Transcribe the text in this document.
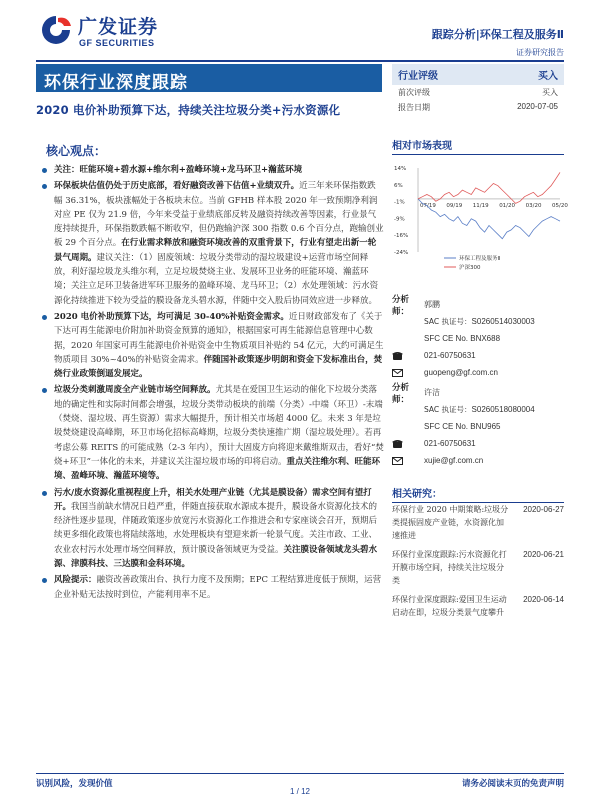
广发证券
GF SECURITIES
跟踪分析|环保工程及服务Ⅱ
证券研究报告
环保行业深度跟踪
2020 电价补助预算下达，持续关注垃圾分类+污水资源化
核心观点：
关注：旺能环境+碧水源+维尔利+盈峰环境+龙马环卫+瀚蓝环境
环保板块估值仍处于历史底部，看好融资改善下估值+业绩双升。近三年来环保指数跌幅 36.31%，板块涨幅处于各板块末位。当前 GFHB 样本股 2020 年一致预期净利润对应 PE 仅为 21.9 倍，今年来受益于业绩底部反转及融资持续改善等因素，行业景气度持续提升，环保指数跌幅不断收窄，但仍跑输沪深 300 指数 0.6 个百分点，跑输创业板 29 个百分点。在行业需求释放和融资环境改善的双重背景下，行业有望走出新一轮景气周期。建议关注：（1）固废领域：垃圾分类带动的湿垃圾建设+运营市场空间释放，利好湿垃圾龙头维尔利，立足垃圾焚烧主业、发展环卫业务的旺能环境、瀚蓝环境；关注立足环卫装备进军环卫服务的盈峰环境、龙马环卫；（2）水处理领域：污水资源化持续推进下较为受益的膜设备龙头碧水源，伴随中交入股后协同效应进一步释放。
2020 电价补助预算下达，均可满足 30-40%补贴资金需求。近日财政部发布了《关于下达可再生能源电价附加补助资金预算的通知》，根据国家可再生能源信息管理中心数据，2020 年国家可再生能源电价补贴资金中生物质项目补贴约 54 亿元，大约可满足生物质项目 30%~40%的补贴资金需求。伴随国补政策逐步明朗和资金下发标准出台，焚烧行业政策倒逼发展定。
垃圾分类刺激周废全产业链市场空间释放。尤其是在爱国卫生运动的催化下垃圾分类落地的确定性和实际时间都会增强，垃圾分类带动板块的前端（分类）-中端（环卫）-末端（焚烧、湿垃圾、再生资源）需求大幅提升，预计相关市场超 4000 亿。未来 3 年是垃圾焚烧建设高峰期，环卫市场化招标高峰期，垃圾分类快速推广期（湿垃圾处理）。若再考虑公募 REITS 的可能成熟（2-3 年内），预计大固废方向将迎来戴维斯双击，看好“焚烧+环卫”一体化的未来，并建议关注湿垃圾市场的印将启动。重点关注维尔利、旺能环境、盈峰环境、瀚蓝环境等。
污水/废水资源化重视程度上升，相关水处理产业链（尤其是膜设备）需求空间有望打开。我国当前缺水情况日趋严重，伴随直接获取水源成本提升，膜设备水资源化技术的经济性逐步显现，伴随政策逐步放宽污水资源化工作推进会和专家座谈会召开，预期后续更多细化政策也将陆续落地，水处理板块有望迎来新一轮景气度。关注市政、工业、农业农村污水处理市场空间释放，预计膜设备领域更为受益。关注膜设备领域龙头碧水源、津膜科技、三达膜和金科环境。
风险提示：融资改善政策出台、执行力度不及预期；EPC 工程结算进度低于预期，运营企业补贴无法按时到位，产能利用率不足。
行业评级	买入
前次评级	买入
报告日期	2020-07-05
相对市场表现
14%
6%
-1%
-9%
-16%
-24%
07/19 09/19 11/19 01/20 03/20 05/20
环保工程及服务Ⅱ
沪深300
分析师：
郭鹏
SAC 执证号： S0260514030003
SFC CE No. BNX688
021-60750631
guopeng@gf.com.cn
分析师：
许洁
SAC 执证号： S0260518080004
SFC CE No. BNU965
021-60750631
xujie@gf.com.cn
相关研究：
环保行业 2020 中期策略:垃圾分类提振固废产业链，水资源化加速推进
2020-06-27
环保行业深度跟踪:污水资源化打开膜市场空间，持续关注垃圾分类
2020-06-21
环保行业深度跟踪:爱国卫生运动启动在即，垃圾分类景气度攀升
2020-06-14
识别风险，发现价值	请务必阅读末页的免责声明
1 / 12
